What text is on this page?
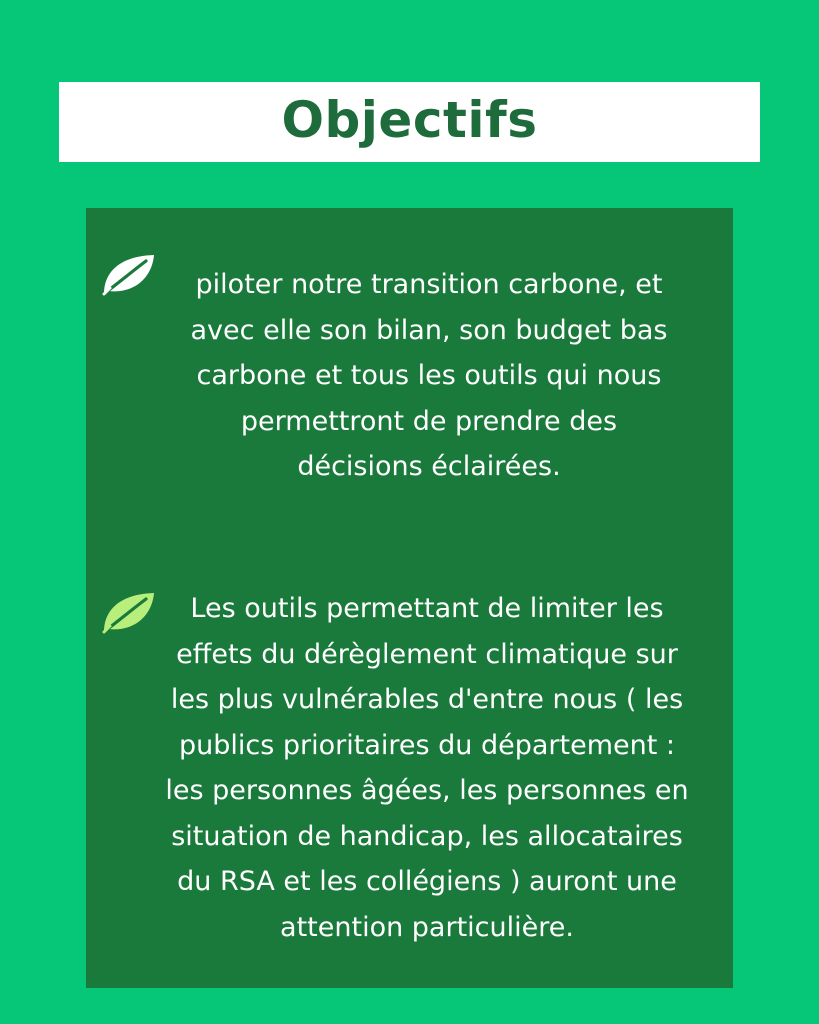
Objectifs

piloter notre transition carbone, et
avec elle son bilan, son budget bas
carbone et tous les outils qui nous
permettront de prendre des
décisions éclairées.

Les outils permettant de limiter les
effets du dérèglement climatique sur
les plus vulnérables d'entre nous ( les
publics prioritaires du département :
les personnes âgées, les personnes en
situation de handicap, les allocataires
du RSA et les collégiens ) auront une
attention particulière.
